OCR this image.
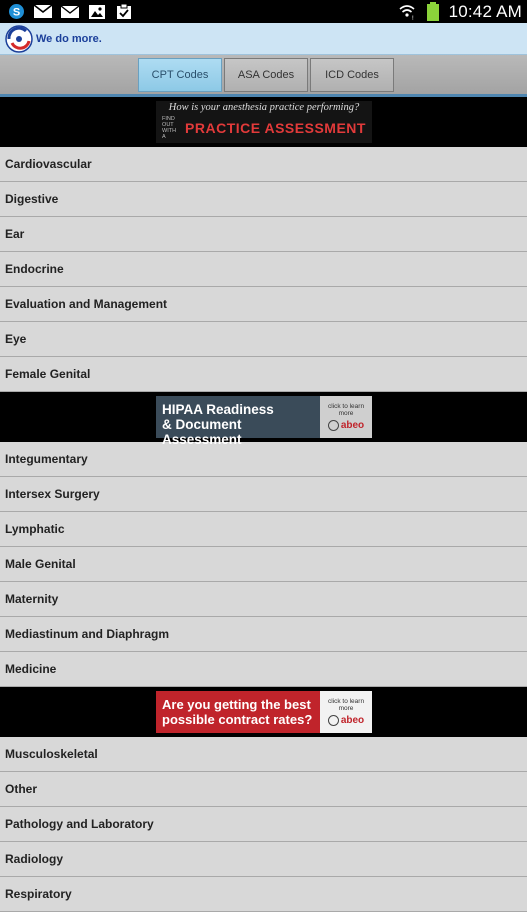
S
! 10:42 AM
We do more.
CPT Codes	ASA Codes	ICD Codes
How is your anesthesia practice performing?
FIND OUT WITH A
PRACTICE ASSESSMENT
Cardiovascular
Digestive
Ear
Endocrine
Evaluation and Management
Eye
Female Genital
HIPAA Readiness
& Document Assessment
click to learn more
abeo
Integumentary
Intersex Surgery
Lymphatic
Male Genital
Maternity
Mediastinum and Diaphragm
Medicine
Are you getting the best
possible contract rates?
click to learn more
abeo
Musculoskeletal
Other
Pathology and Laboratory
Radiology
Respiratory
